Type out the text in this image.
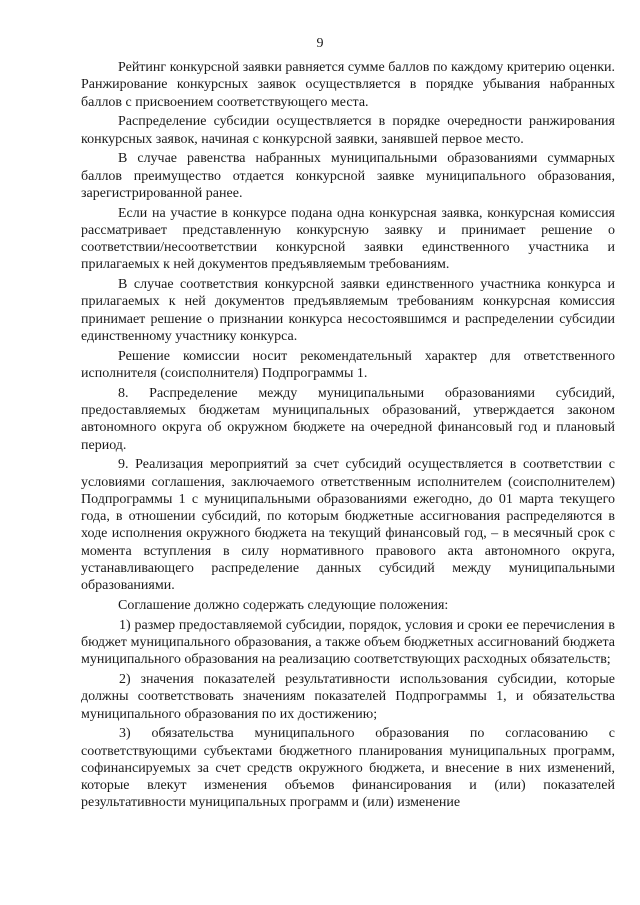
9

Рейтинг конкурсной заявки равняется сумме баллов по каждому критерию оценки. Ранжирование конкурсных заявок осуществляется в порядке убывания набранных баллов с присвоением соответствующего места.

Распределение субсидии осуществляется в порядке очередности ранжирования конкурсных заявок, начиная с конкурсной заявки, занявшей первое место.

В случае равенства набранных муниципальными образованиями суммарных баллов преимущество отдается конкурсной заявке муниципального образования, зарегистрированной ранее.

Если на участие в конкурсе подана одна конкурсная заявка, конкурсная комиссия рассматривает представленную конкурсную заявку и принимает решение о соответствии/несоответствии конкурсной заявки единственного участника и прилагаемых к ней документов предъявляемым требованиям.

В случае соответствия конкурсной заявки единственного участника конкурса и прилагаемых к ней документов предъявляемым требованиям конкурсная комиссия принимает решение о признании конкурса несостоявшимся и распределении субсидии единственному участнику конкурса.

Решение комиссии носит рекомендательный характер для ответственного исполнителя (соисполнителя) Подпрограммы 1.

8. Распределение между муниципальными образованиями субсидий, предоставляемых бюджетам муниципальных образований, утверждается законом автономного округа об окружном бюджете на очередной финансовый год и плановый период.

9. Реализация мероприятий за счет субсидий осуществляется в соответствии с условиями соглашения, заключаемого ответственным исполнителем (соисполнителем) Подпрограммы 1 с муниципальными образованиями ежегодно, до 01 марта текущего года, в отношении субсидий, по которым бюджетные ассигнования распределяются в ходе исполнения окружного бюджета на текущий финансовый год, – в месячный срок с момента вступления в силу нормативного правового акта автономного округа, устанавливающего распределение данных субсидий между муниципальными образованиями.

Соглашение должно содержать следующие положения:

1) размер предоставляемой субсидии, порядок, условия и сроки ее перечисления в бюджет муниципального образования, а также объем бюджетных ассигнований бюджета муниципального образования на реализацию соответствующих расходных обязательств;

2) значения показателей результативности использования субсидии, которые должны соответствовать значениям показателей Подпрограммы 1, и обязательства муниципального образования по их достижению;

3) обязательства муниципального образования по согласованию с соответствующими субъектами бюджетного планирования муниципальных программ, софинансируемых за счет средств окружного бюджета, и внесение в них изменений, которые влекут изменения объемов финансирования и (или) показателей результативности муниципальных программ и (или) изменение
